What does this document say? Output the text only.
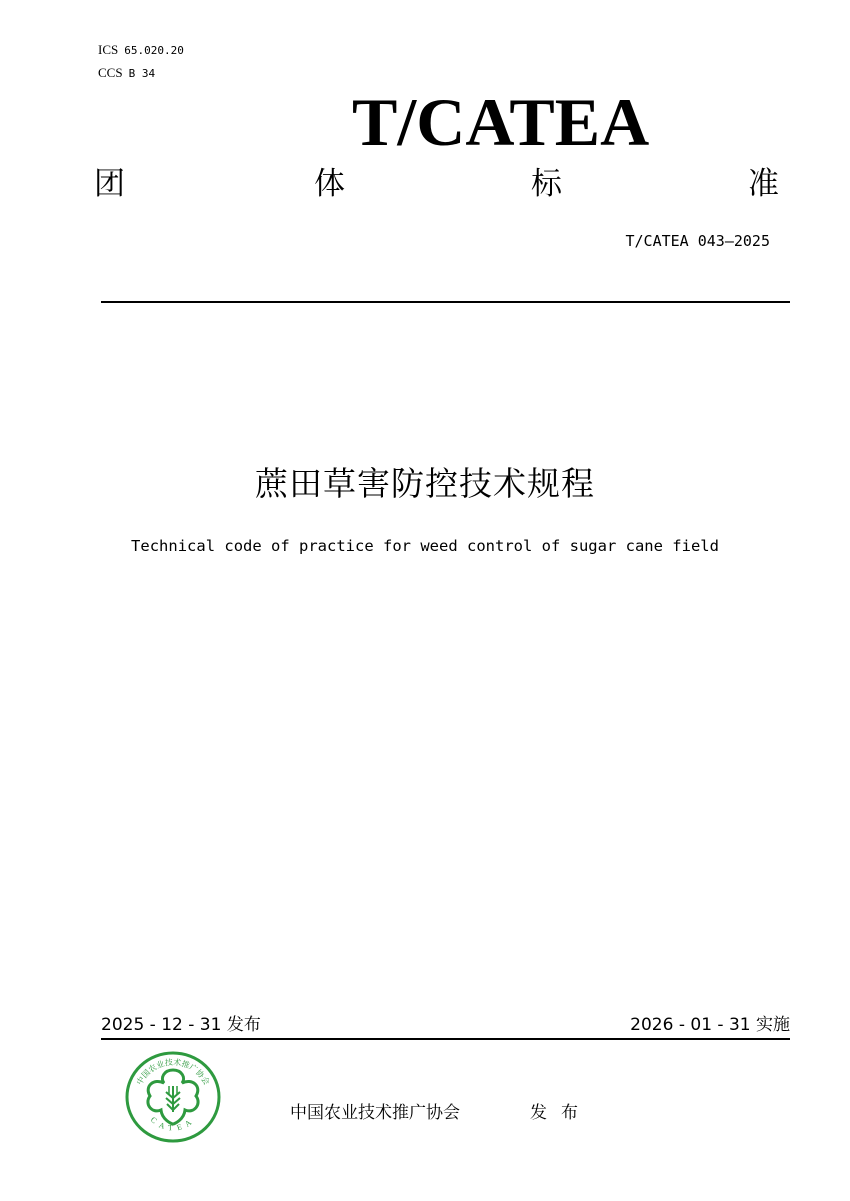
ICS 65.020.20
CCS B 34
T/CATEA
团	体	标	准
T/CATEA 043—2025
蔗田草害防控技术规程
Technical code of practice for weed control of sugar cane field
2025 - 12 - 31 发布	2026 - 01 - 31 实施
中国农业技术推广协会
CATEA	中国农业技术推广协会	发布
